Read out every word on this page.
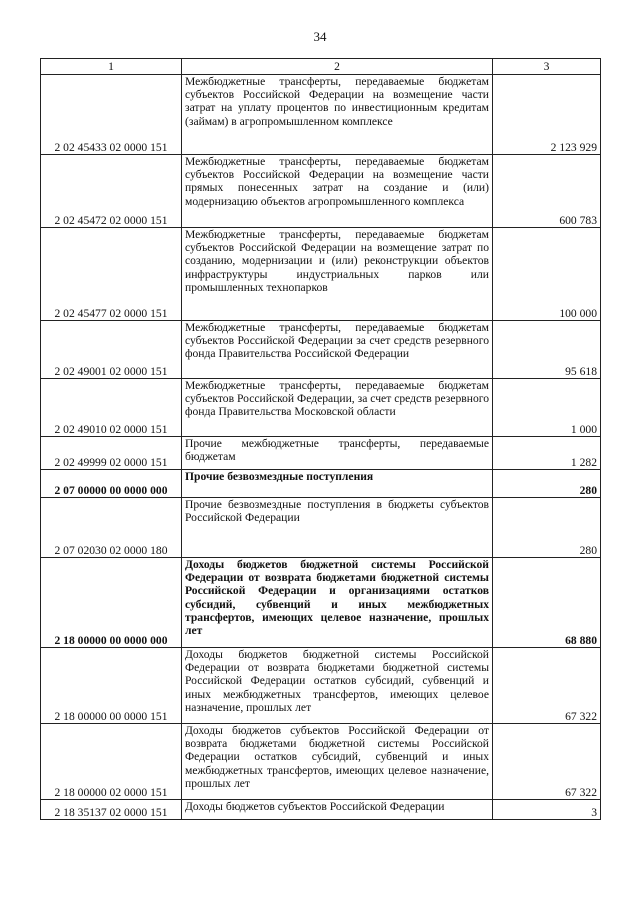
34
1	2	3
2 02 45433 02 0000 151	Межбюджетные трансферты, передаваемые бюджетам субъектов Российской Федерации на возмещение части затрат на уплату процентов по инвестиционным кредитам (займам) в агропромышленном комплексе	2 123 929
2 02 45472 02 0000 151	Межбюджетные трансферты, передаваемые бюджетам субъектов Российской Федерации на возмещение части прямых понесенных затрат на создание и (или) модернизацию объектов агропромышленного комплекса	600 783
2 02 45477 02 0000 151	Межбюджетные трансферты, передаваемые бюджетам субъектов Российской Федерации на возмещение затрат по созданию, модернизации и (или) реконструкции объектов инфраструктуры индустриальных парков или промышленных технопарков	100 000
2 02 49001 02 0000 151	Межбюджетные трансферты, передаваемые бюджетам субъектов Российской Федерации за счет средств резервного фонда Правительства Российской Федерации	95 618
2 02 49010 02 0000 151	Межбюджетные трансферты, передаваемые бюджетам субъектов Российской Федерации, за счет средств резервного фонда Правительства Московской области	1 000
2 02 49999 02 0000 151	Прочие межбюджетные трансферты, передаваемые бюджетам	1 282
2 07 00000 00 0000 000	Прочие безвозмездные поступления	280
2 07 02030 02 0000 180	Прочие безвозмездные поступления в бюджеты субъектов Российской Федерации	280
2 18 00000 00 0000 000	Доходы бюджетов бюджетной системы Российской Федерации от возврата бюджетами бюджетной системы Российской Федерации и организациями остатков субсидий, субвенций и иных межбюджетных трансфертов, имеющих целевое назначение, прошлых лет	68 880
2 18 00000 00 0000 151	Доходы бюджетов бюджетной системы Российской Федерации от возврата бюджетами бюджетной системы Российской Федерации остатков субсидий, субвенций и иных межбюджетных трансфертов, имеющих целевое назначение, прошлых лет	67 322
2 18 00000 02 0000 151	Доходы бюджетов субъектов Российской Федерации от возврата бюджетами бюджетной системы Российской Федерации остатков субсидий, субвенций и иных межбюджетных трансфертов, имеющих целевое назначение, прошлых лет	67 322
2 18 35137 02 0000 151	Доходы бюджетов субъектов Российской Федерации	3
